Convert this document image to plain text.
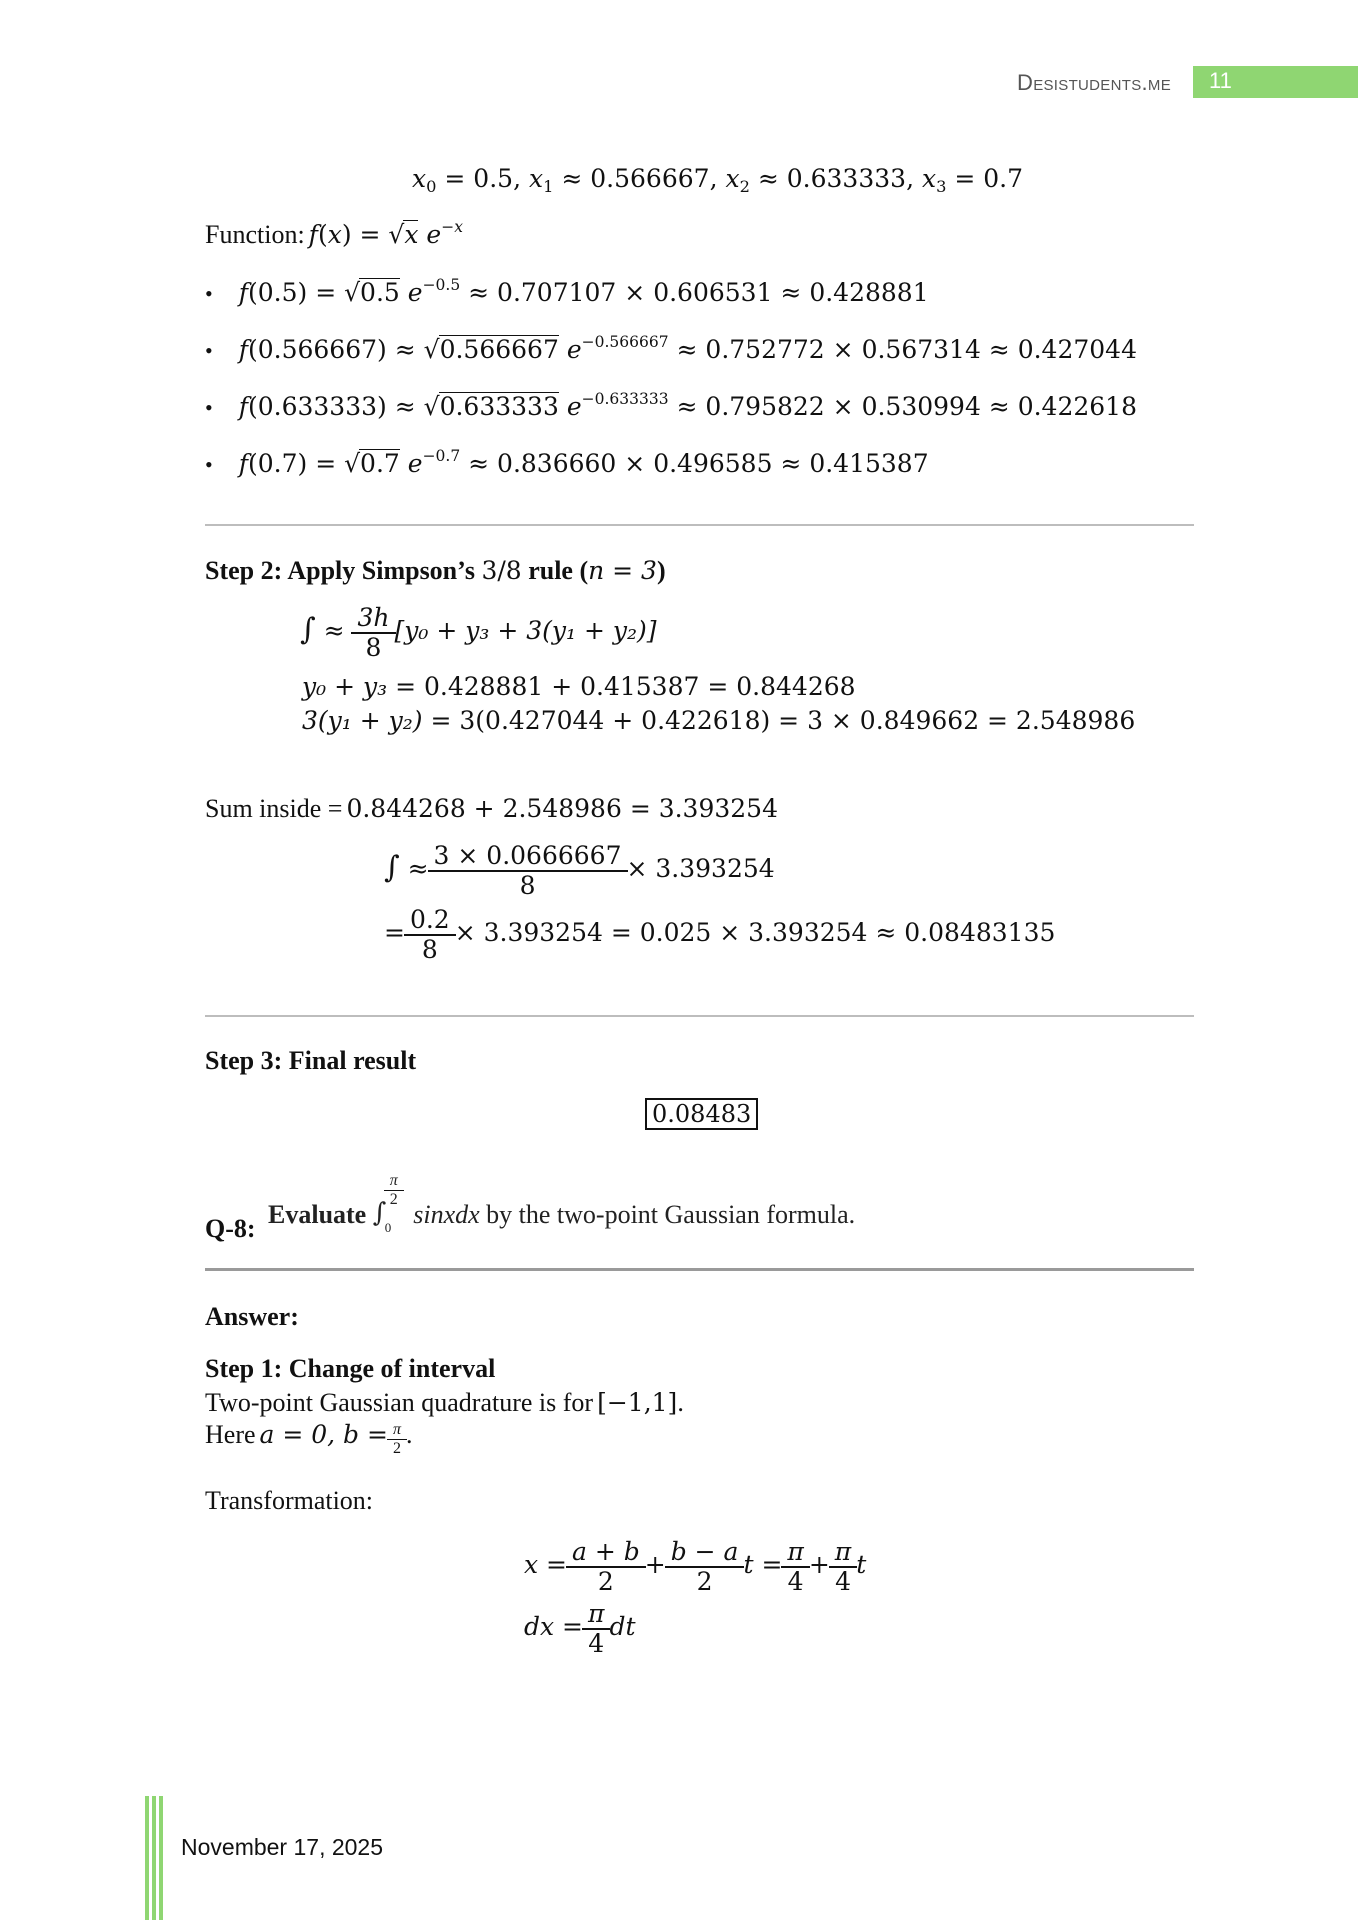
Desistudents.me 11
$x_0 = 0.5$, $x_1 \approx 0.566667$, $x_2 \approx 0.633333$, $x_3 = 0.7$
Function: f(x) = √x $e^{-x}$
• f(0.5) = √0.5 $e^{-0.5} \approx 0.707107 \times 0.606531 \approx 0.428881$
• f(0.566667) ≈ √0.566667 $e^{-0.566667} \approx 0.752772 \times 0.567314 \approx 0.427044$
• f(0.633333) ≈ √0.633333 $e^{-0.633333} \approx 0.795822 \times 0.530994 \approx 0.422618$
• f(0.7) = √0.7 $e^{-0.7} \approx 0.836660 \times 0.496585 \approx 0.415387$
Step 2: Apply Simpson’s 3/8 rule (n = 3)
∫ ≈ $\frac{3h}{8} [y_0 + y_3 + 3(y_1 + y_2)]$
y₀ + y₃ = 0.428881 + 0.415387 = 0.844268
3(y₁ + y₂) = 3(0.427044 + 0.422618) = 3 × 0.849662 = 2.548986
Sum inside = 0.844268 + 2.548986 = 3.393254
∫ ≈ $\frac{3 \times 0.0666667}{8} \times 3.393254$
= $\frac{0.2}{8} \times 3.393254 = 0.025 \times 3.393254 \approx 0.08483135$
Step 3: Final result
0.08483
Q-8: Evaluate ∫
$\frac{\pi}{2}$
0 sinxdx by the two-point Gaussian formula.
Answer:
Step 1: Change of interval
Two-point Gaussian quadrature is for [−1,1].
Here a = 0, $b = \frac{\pi}{2}$ .
Transformation:
$x = \frac{a + b}{2} + \frac{b - a}{2}$ $t = \frac{\pi}{4} + \frac{\pi}{4}$ t
dx = $\frac{\pi}{4}$ dt
November 17, 2025
